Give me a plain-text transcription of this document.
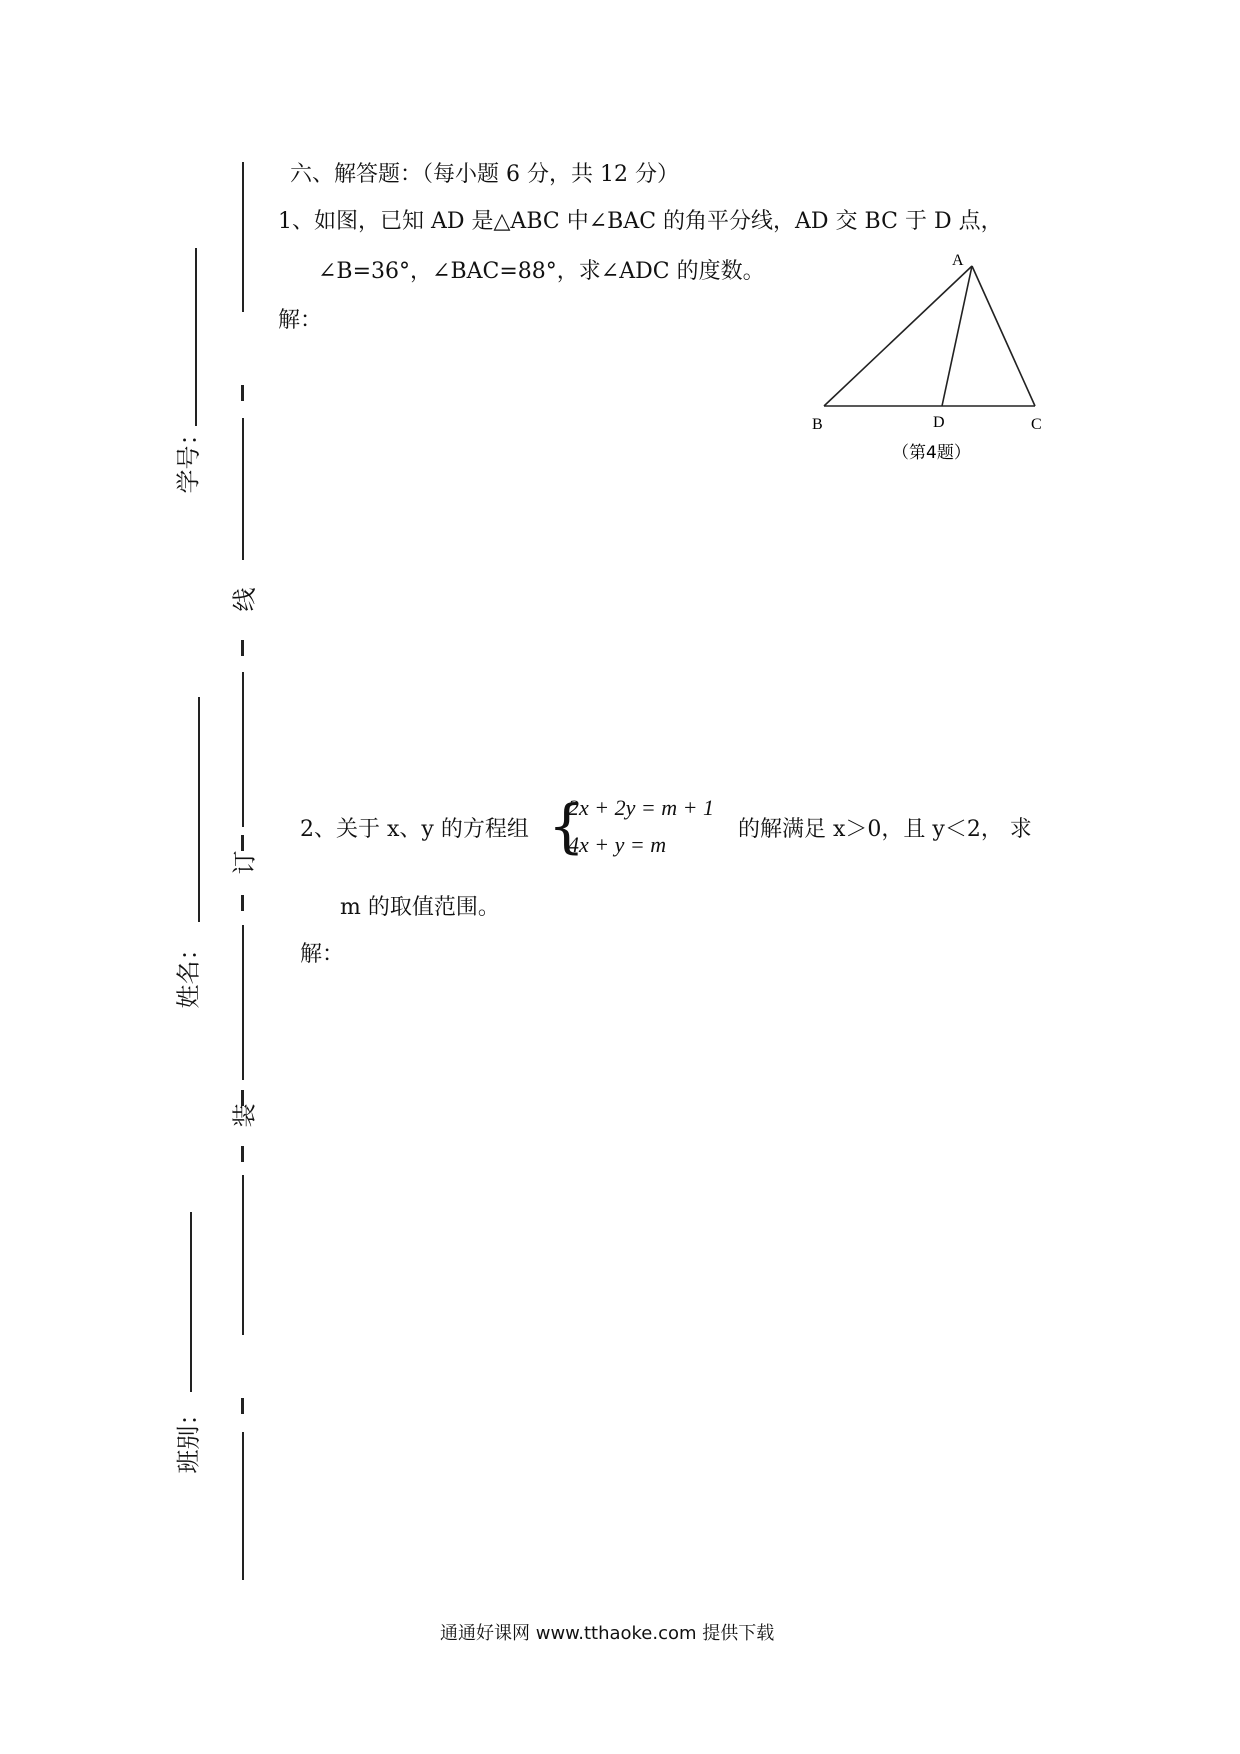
线
订
装
学号：
姓名：
班别：
六、解答题：（每小题 6 分，共 12 分）
1、如图，已知 AD 是△ABC 中∠BAC 的角平分线，AD 交 BC 于 D 点，
∠B=36°，∠BAC=88°，求∠ADC 的度数。
解：
A
B	D	C
（第4题）
2、关于 x、y 的方程组 {
2x + 2y = m + 1
4x + y = m
的解满足 x＞0，且 y＜2， 求
m 的取值范围。
解：
通通好课网 www.tthaoke.com 提供下载
